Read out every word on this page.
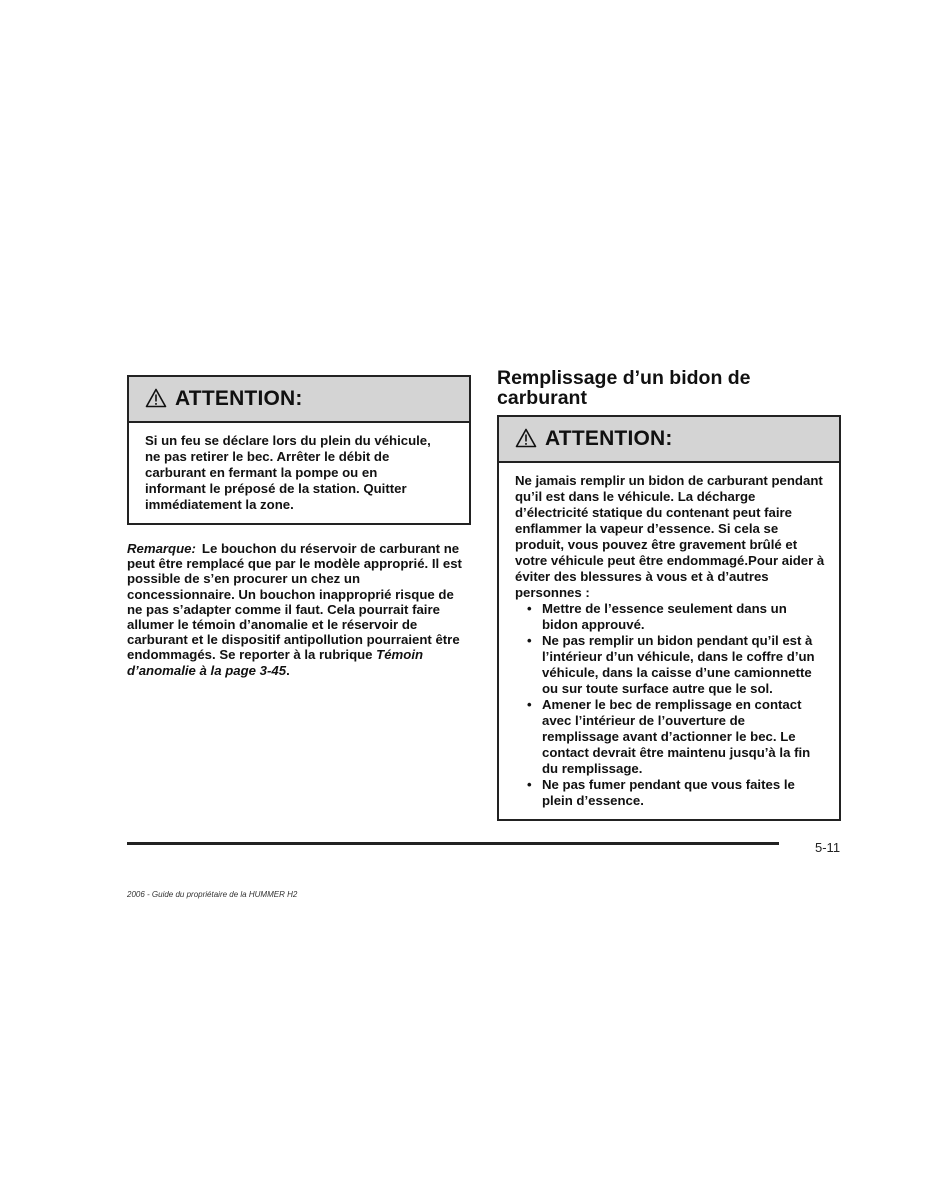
ATTENTION:
Si un feu se déclare lors du plein du véhicule,
ne pas retirer le bec. Arrêter le débit de
carburant en fermant la pompe ou en
informant le préposé de la station. Quitter
immédiatement la zone.
Remarque: Le bouchon du réservoir de carburant ne peut être remplacé que par le modèle approprié. Il est possible de s’en procurer un chez un concessionnaire. Un bouchon inapproprié risque de ne pas s’adapter comme il faut. Cela pourrait faire allumer le témoin d’anomalie et le réservoir de carburant et le dispositif antipollution pourraient être endommagés. Se reporter à la rubrique Témoin d’anomalie à la page 3-45.
Remplissage d’un bidon de carburant
ATTENTION:
Ne jamais remplir un bidon de carburant pendant qu’il est dans le véhicule. La décharge d’électricité statique du contenant peut faire enflammer la vapeur d’essence. Si cela se produit, vous pouvez être gravement brûlé et votre véhicule peut être endommagé.Pour aider à éviter des blessures à vous et à d’autres personnes :
• Mettre de l’essence seulement dans un bidon approuvé.
• Ne pas remplir un bidon pendant qu’il est à l’intérieur d’un véhicule, dans le coffre d’un véhicule, dans la caisse d’une camionnette ou sur toute surface autre que le sol.
• Amener le bec de remplissage en contact avec l’intérieur de l’ouverture de remplissage avant d’actionner le bec. Le contact devrait être maintenu jusqu’à la fin du remplissage.
• Ne pas fumer pendant que vous faites le plein d’essence.
5-11
2006 - Guide du propriétaire de la HUMMER H2
